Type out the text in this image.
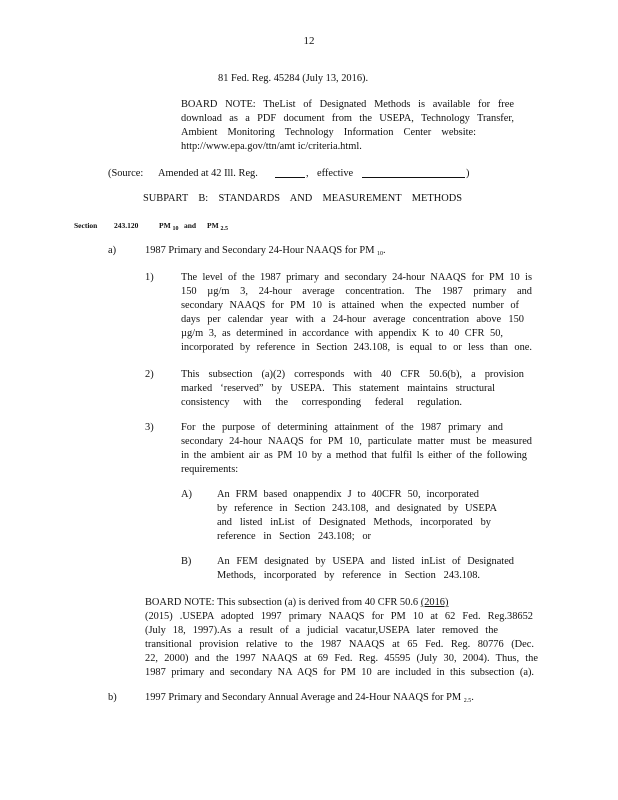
12
81 Fed. Reg. 45284 (July 13, 2016).
BOARD NOTE: TheList of Designated Methods is available for free
download as a PDF document from the USEPA, Technology Transfer,
Ambient Monitoring Technology Information Center website:
http://www.epa.gov/ttn/amt ic/criteria.html.
(Source: Amended at 42 Ill. Reg.	, effective	)
SUBPART B: STANDARDS AND MEASUREMENT METHODS
Section 243.120	PM $_{10}$ and PM $_{2.5}$
a)	1987 Primary and Secondary 24-Hour NAAQS for PM 10.
1)	The level of the 1987 primary and secondary 24-hour NAAQS for PM 10 is
150 µg/m 3, 24-hour average concentration. The 1987 primary and
secondary NAAQS for PM 10 is attained when the expected number of
days per calendar year with a 24-hour average concentration above 150
µg/m 3, as determined in accordance with appendix K to 40 CFR 50,
incorporated by reference in Section 243.108, is equal to or less than one.
2)	This subsection (a)(2) corresponds with 40 CFR 50.6(b), a provision
marked ‘reserved” by USEPA. This statement maintains structural
consistency with the corresponding federal regulation.
3)	For the purpose of determining attainment of the 1987 primary and
secondary 24-hour NAAQS for PM 10, particulate matter must be measured
in the ambient air as PM 10 by a method that fulfil ls either of the following
requirements:
A) An FRM based onappendix J to 40CFR 50, incorporated
by reference in Section 243.108, and designated by USEPA
and listed inList of Designated Methods, incorporated by
reference in Section 243.108; or
B) An FEM designated by USEPA and listed inList of Designated
Methods, incorporated by reference in Section 243.108.
BOARD NOTE: This subsection (a) is derived from 40 CFR 50.6 (2016)
(2015) .USEPA adopted 1997 primary NAAQS for PM 10 at 62 Fed. Reg.38652
(July 18, 1997).As a result of a judicial vacatur,USEPA later removed the
transitional provision relative to the 1987 NAAQS at 65 Fed. Reg. 80776 (Dec.
22, 2000) and the 1997 NAAQS at 69 Fed. Reg. 45595 (July 30, 2004). Thus, the
1987 primary and secondary NA AQS for PM 10 are included in this subsection (a).
b)	1997 Primary and Secondary Annual Average and 24-Hour NAAQS for PM 2.5.
